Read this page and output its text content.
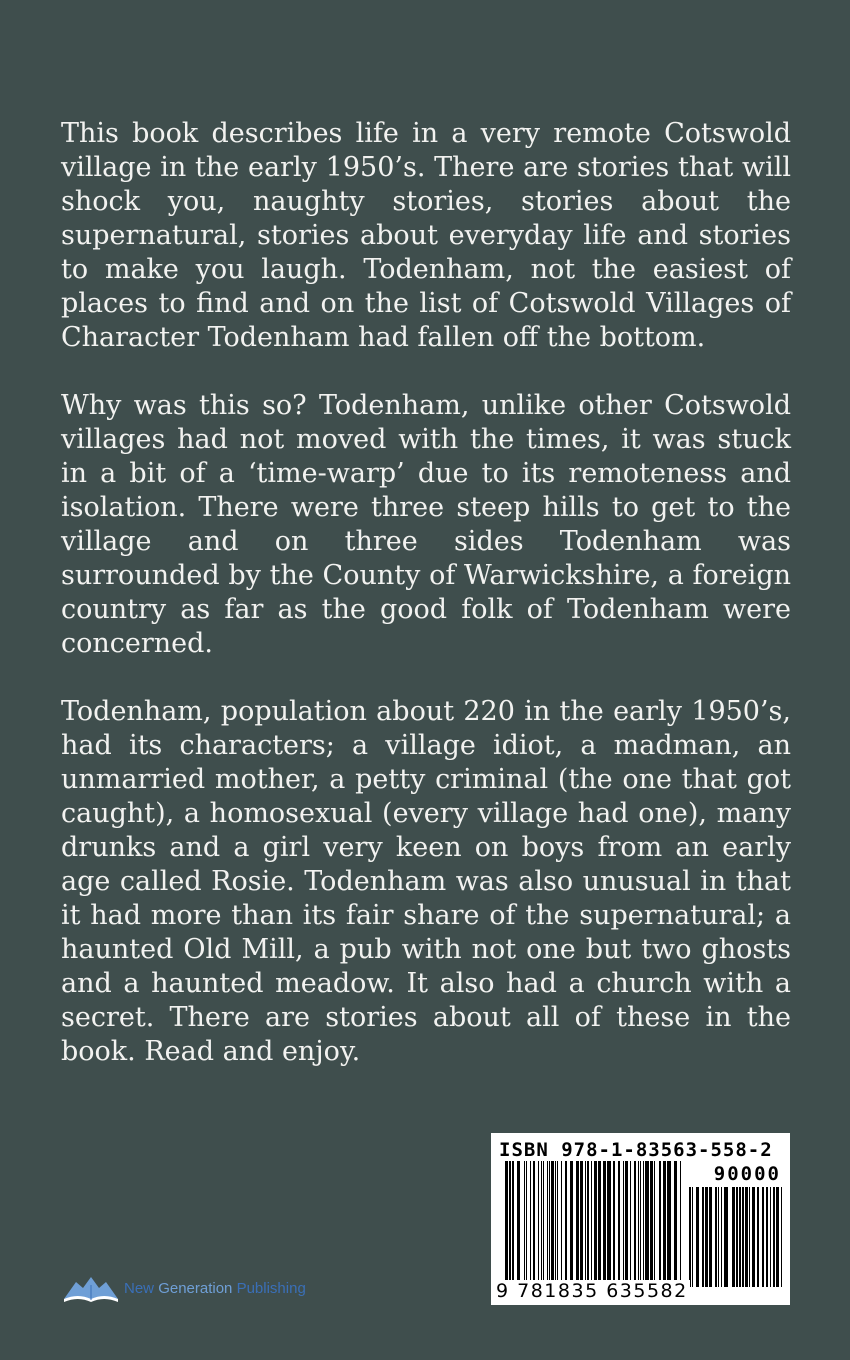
This book describes life in a very remote Cotswold village in the early 1950’s. There are stories that will shock you, naughty stories, stories about the supernatural, stories about everyday life and stories to make you laugh. Todenham, not the easiest of places to find and on the list of Cotswold Villages of Character Todenham had fallen off the bottom.

Why was this so? Todenham, unlike other Cotswold villages had not moved with the times, it was stuck in a bit of a ‘time-warp’ due to its remoteness and isolation. There were three steep hills to get to the village and on three sides Todenham was surrounded by the County of Warwickshire, a foreign country as far as the good folk of Todenham were concerned.

Todenham, population about 220 in the early 1950’s, had its characters; a village idiot, a madman, an unmarried mother, a petty criminal (the one that got caught), a homosexual (every village had one), many drunks and a girl very keen on boys from an early age called Rosie. Todenham was also unusual in that it had more than its fair share of the supernatural; a haunted Old Mill, a pub with not one but two ghosts and a haunted meadow. It also had a church with a secret. There are stories about all of these in the book. Read and enjoy.

ISBN 978-1-83563-558-2
90000
9 781835 635582
New Generation Publishing
